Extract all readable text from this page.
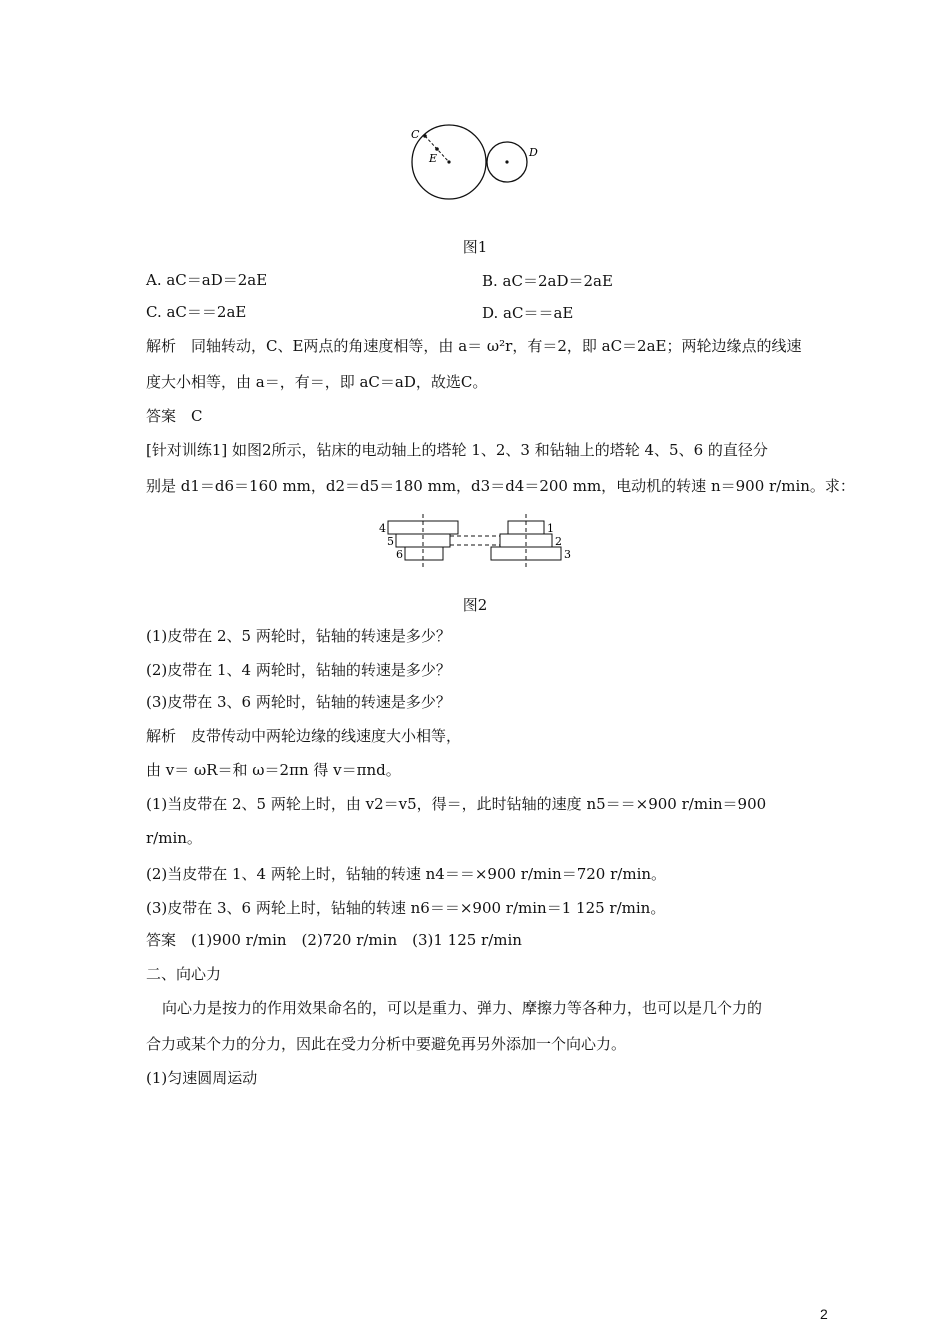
C
E	D
图1
A. aC＝aD＝2aE	B. aC＝2aD＝2aE
C. aC＝＝2aE	D. aC＝＝aE
解析　同轴转动，C、E两点的角速度相等，由 a＝ ω²r，有＝2，即 aC＝2aE；两轮边缘点的线速
度大小相等，由 a＝，有＝，即 aC＝aD，故选C。
答案　C
[针对训练1] 如图2所示，钻床的电动轴上的塔轮 1、2、3 和钻轴上的塔轮 4、5、6 的直径分
别是 d1＝d6＝160 mm，d2＝d5＝180 mm，d3＝d4＝200 mm，电动机的转速 n＝900 r/min。求：
4
5
6
1
2
3
图2
(1)皮带在 2、5 两轮时，钻轴的转速是多少？
(2)皮带在 1、4 两轮时，钻轴的转速是多少？
(3)皮带在 3、6 两轮时，钻轴的转速是多少？
解析　皮带传动中两轮边缘的线速度大小相等，
由 v＝ ωR＝和 ω＝2πn 得 v＝πnd。
(1)当皮带在 2、5 两轮上时，由 v2＝v5，得＝，此时钻轴的速度 n5＝＝×900 r/min＝900
r/min。
(2)当皮带在 1、4 两轮上时，钻轴的转速 n4＝＝×900 r/min＝720 r/min。
(3)皮带在 3、6 两轮上时，钻轴的转速 n6＝＝×900 r/min＝1 125 r/min。
答案　(1)900 r/min　(2)720 r/min　(3)1 125 r/min
二、向心力
向心力是按力的作用效果命名的，可以是重力、弹力、摩擦力等各种力，也可以是几个力的
合力或某个力的分力，因此在受力分析中要避免再另外添加一个向心力。
(1)匀速圆周运动
2
